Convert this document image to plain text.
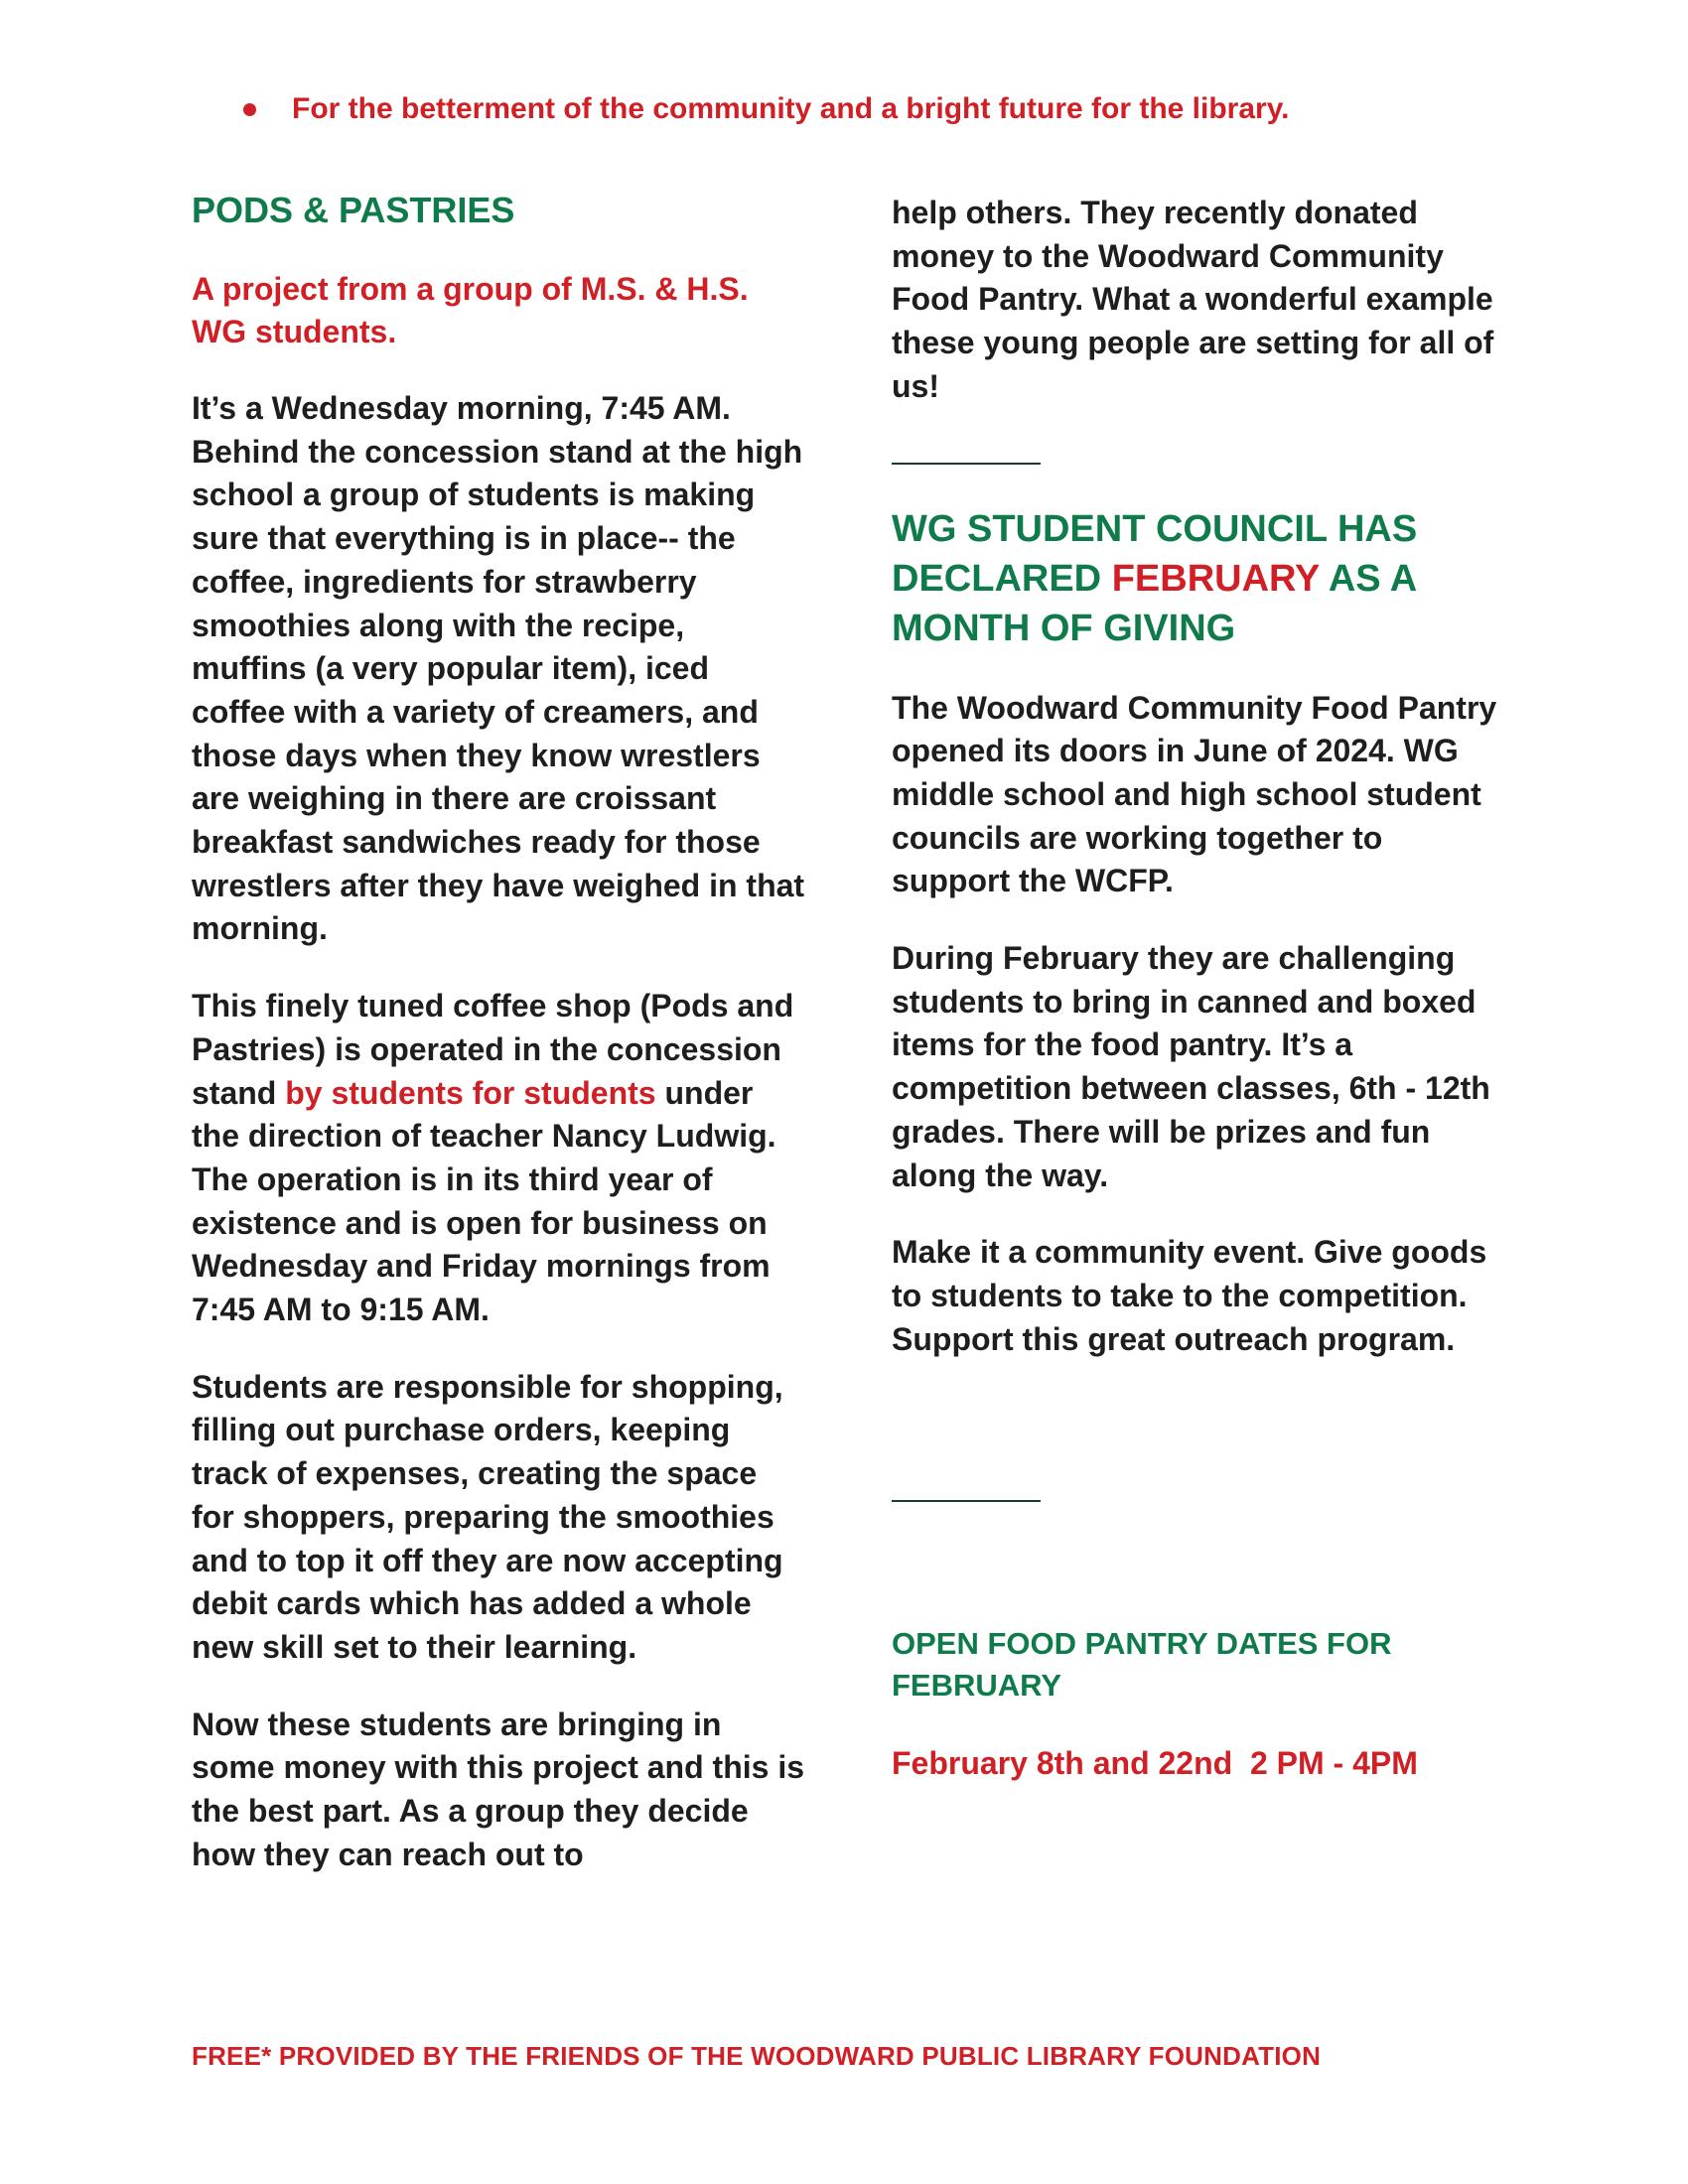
For the betterment of the community and a bright future for the library.
PODS & PASTRIES

A project from a group of M.S. & H.S. WG students.

It’s a Wednesday morning, 7:45 AM. Behind the concession stand at the high school a group of students is making sure that everything is in place-- the coffee, ingredients for strawberry smoothies along with the recipe, muffins (a very popular item), iced coffee with a variety of creamers, and those days when they know wrestlers are weighing in there are croissant breakfast sandwiches ready for those wrestlers after they have weighed in that morning.

This finely tuned coffee shop (Pods and Pastries) is operated in the concession stand by students for students under the direction of teacher Nancy Ludwig. The operation is in its third year of existence and is open for business on Wednesday and Friday mornings from 7:45 AM to 9:15 AM.

Students are responsible for shopping, filling out purchase orders, keeping track of expenses, creating the space for shoppers, preparing the smoothies and to top it off they are now accepting debit cards which has added a whole new skill set to their learning.

Now these students are bringing in some money with this project and this is the best part. As a group they decide how they can reach out to

help others. They recently donated money to the Woodward Community Food Pantry. What a wonderful example these young people are setting for all of us!

WG STUDENT COUNCIL HAS DECLARED FEBRUARY AS A MONTH OF GIVING

The Woodward Community Food Pantry opened its doors in June of 2024. WG middle school and high school student councils are working together to support the WCFP.

During February they are challenging students to bring in canned and boxed items for the food pantry. It’s a competition between classes, 6th - 12th grades. There will be prizes and fun along the way.

Make it a community event. Give goods to students to take to the competition. Support this great outreach program.

OPEN FOOD PANTRY DATES FOR FEBRUARY

February 8th and 22nd  2 PM - 4PM

FREE* PROVIDED BY THE FRIENDS OF THE WOODWARD PUBLIC LIBRARY FOUNDATION
